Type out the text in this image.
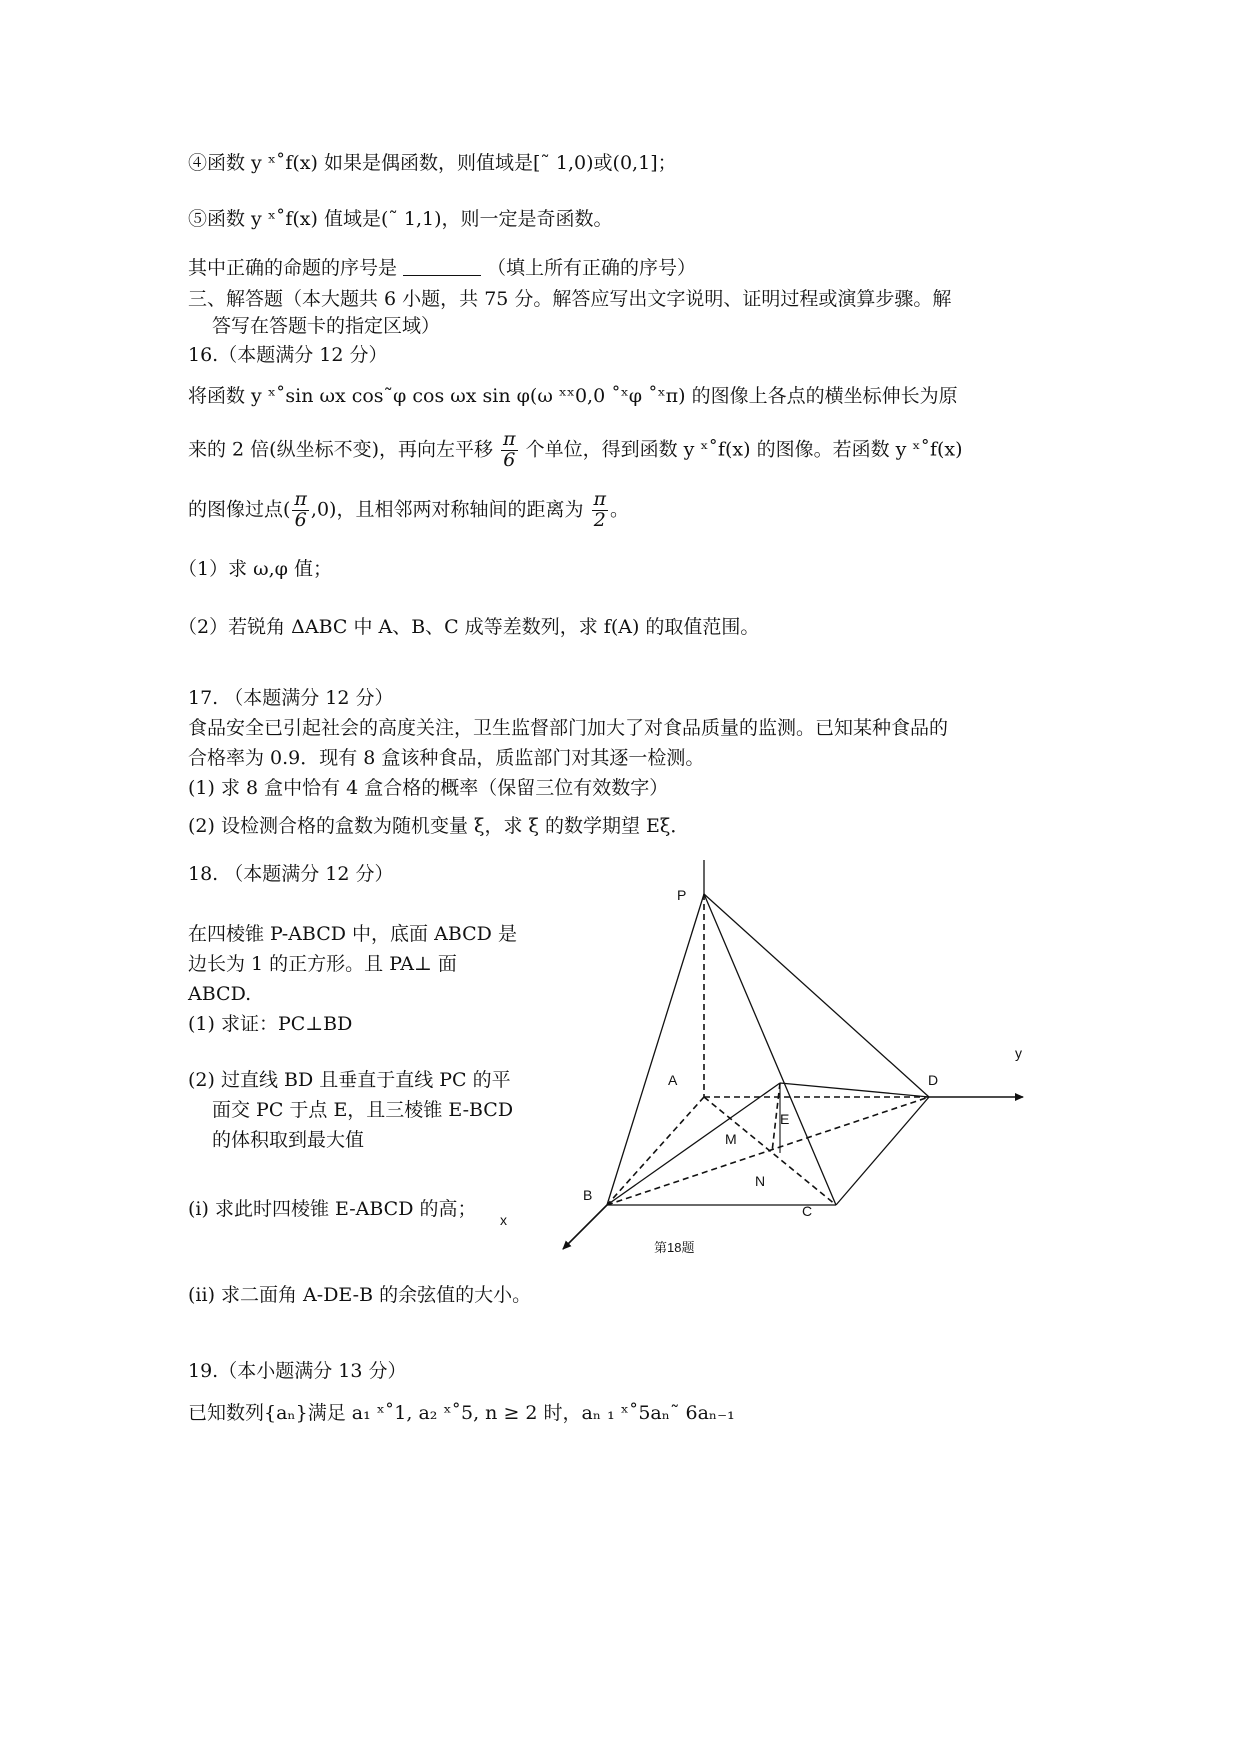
④函数 y ˣ˚f(x) 如果是偶函数，则值域是[˜ 1,0)或(0,1]；
⑤函数 y ˣ˚f(x) 值域是(˜ 1,1)，则一定是奇函数。
其中正确的命题的序号是	（填上所有正确的序号）
三、解答题（本大题共 6 小题，共 75 分。解答应写出文字说明、证明过程或演算步骤。解
答写在答题卡的指定区域）
16.（本题满分 12 分）
将函数 y ˣ˚sin ωx cos˜φ cos ωx sin φ(ω ˣˣ0,0 ˚ˣφ ˚ˣπ) 的图像上各点的横坐标伸长为原
来的 2 倍(纵坐标不变)，再向左平移 $\frac{\pi}{6}$ 个单位，得到函数 y ˣ˚f(x) 的图像。若函数 y ˣ˚f(x)
的图像过点( $\frac{\pi}{6} ,0$)，且相邻两对称轴间的距离为 $\frac{\pi}{2}$ 。
（1）求 ω,φ 值；
（2）若锐角 ΔABC 中 A、B、C 成等差数列，求 f(A) 的取值范围。
17. （本题满分 12 分）
食品安全已引起社会的高度关注，卫生监督部门加大了对食品质量的监测。已知某种食品的
合格率为 0.9．现有 8 盒该种食品，质监部门对其逐一检测。
(1) 求 8 盒中恰有 4 盒合格的概率（保留三位有效数字）
(2) 设检测合格的盒数为随机变量 ξ，求 ξ 的数学期望 Eξ．
18. （本题满分 12 分）
在四棱锥 P-ABCD 中，底面 ABCD 是
边长为 1 的正方形。且 PA⊥ 面
ABCD.
(1) 求证：PC⊥BD
(2) 过直线 BD 且垂直于直线 PC 的平
面交 PC 于点 E，且三棱锥 E-BCD
的体积取到最大值
(i) 求此时四棱锥 E-ABCD 的高；
(ii) 求二面角 A-DE-B 的余弦值的大小。
P
A
B
C
D
E
M
N
x
y
第18题
19.（本小题满分 13 分）
已知数列{aₙ}满足 a₁ ˣ˚1, a₂ ˣ˚5, n ≥ 2 时，aₙ ₁ ˣ˚5aₙ˜ 6aₙ₋₁
